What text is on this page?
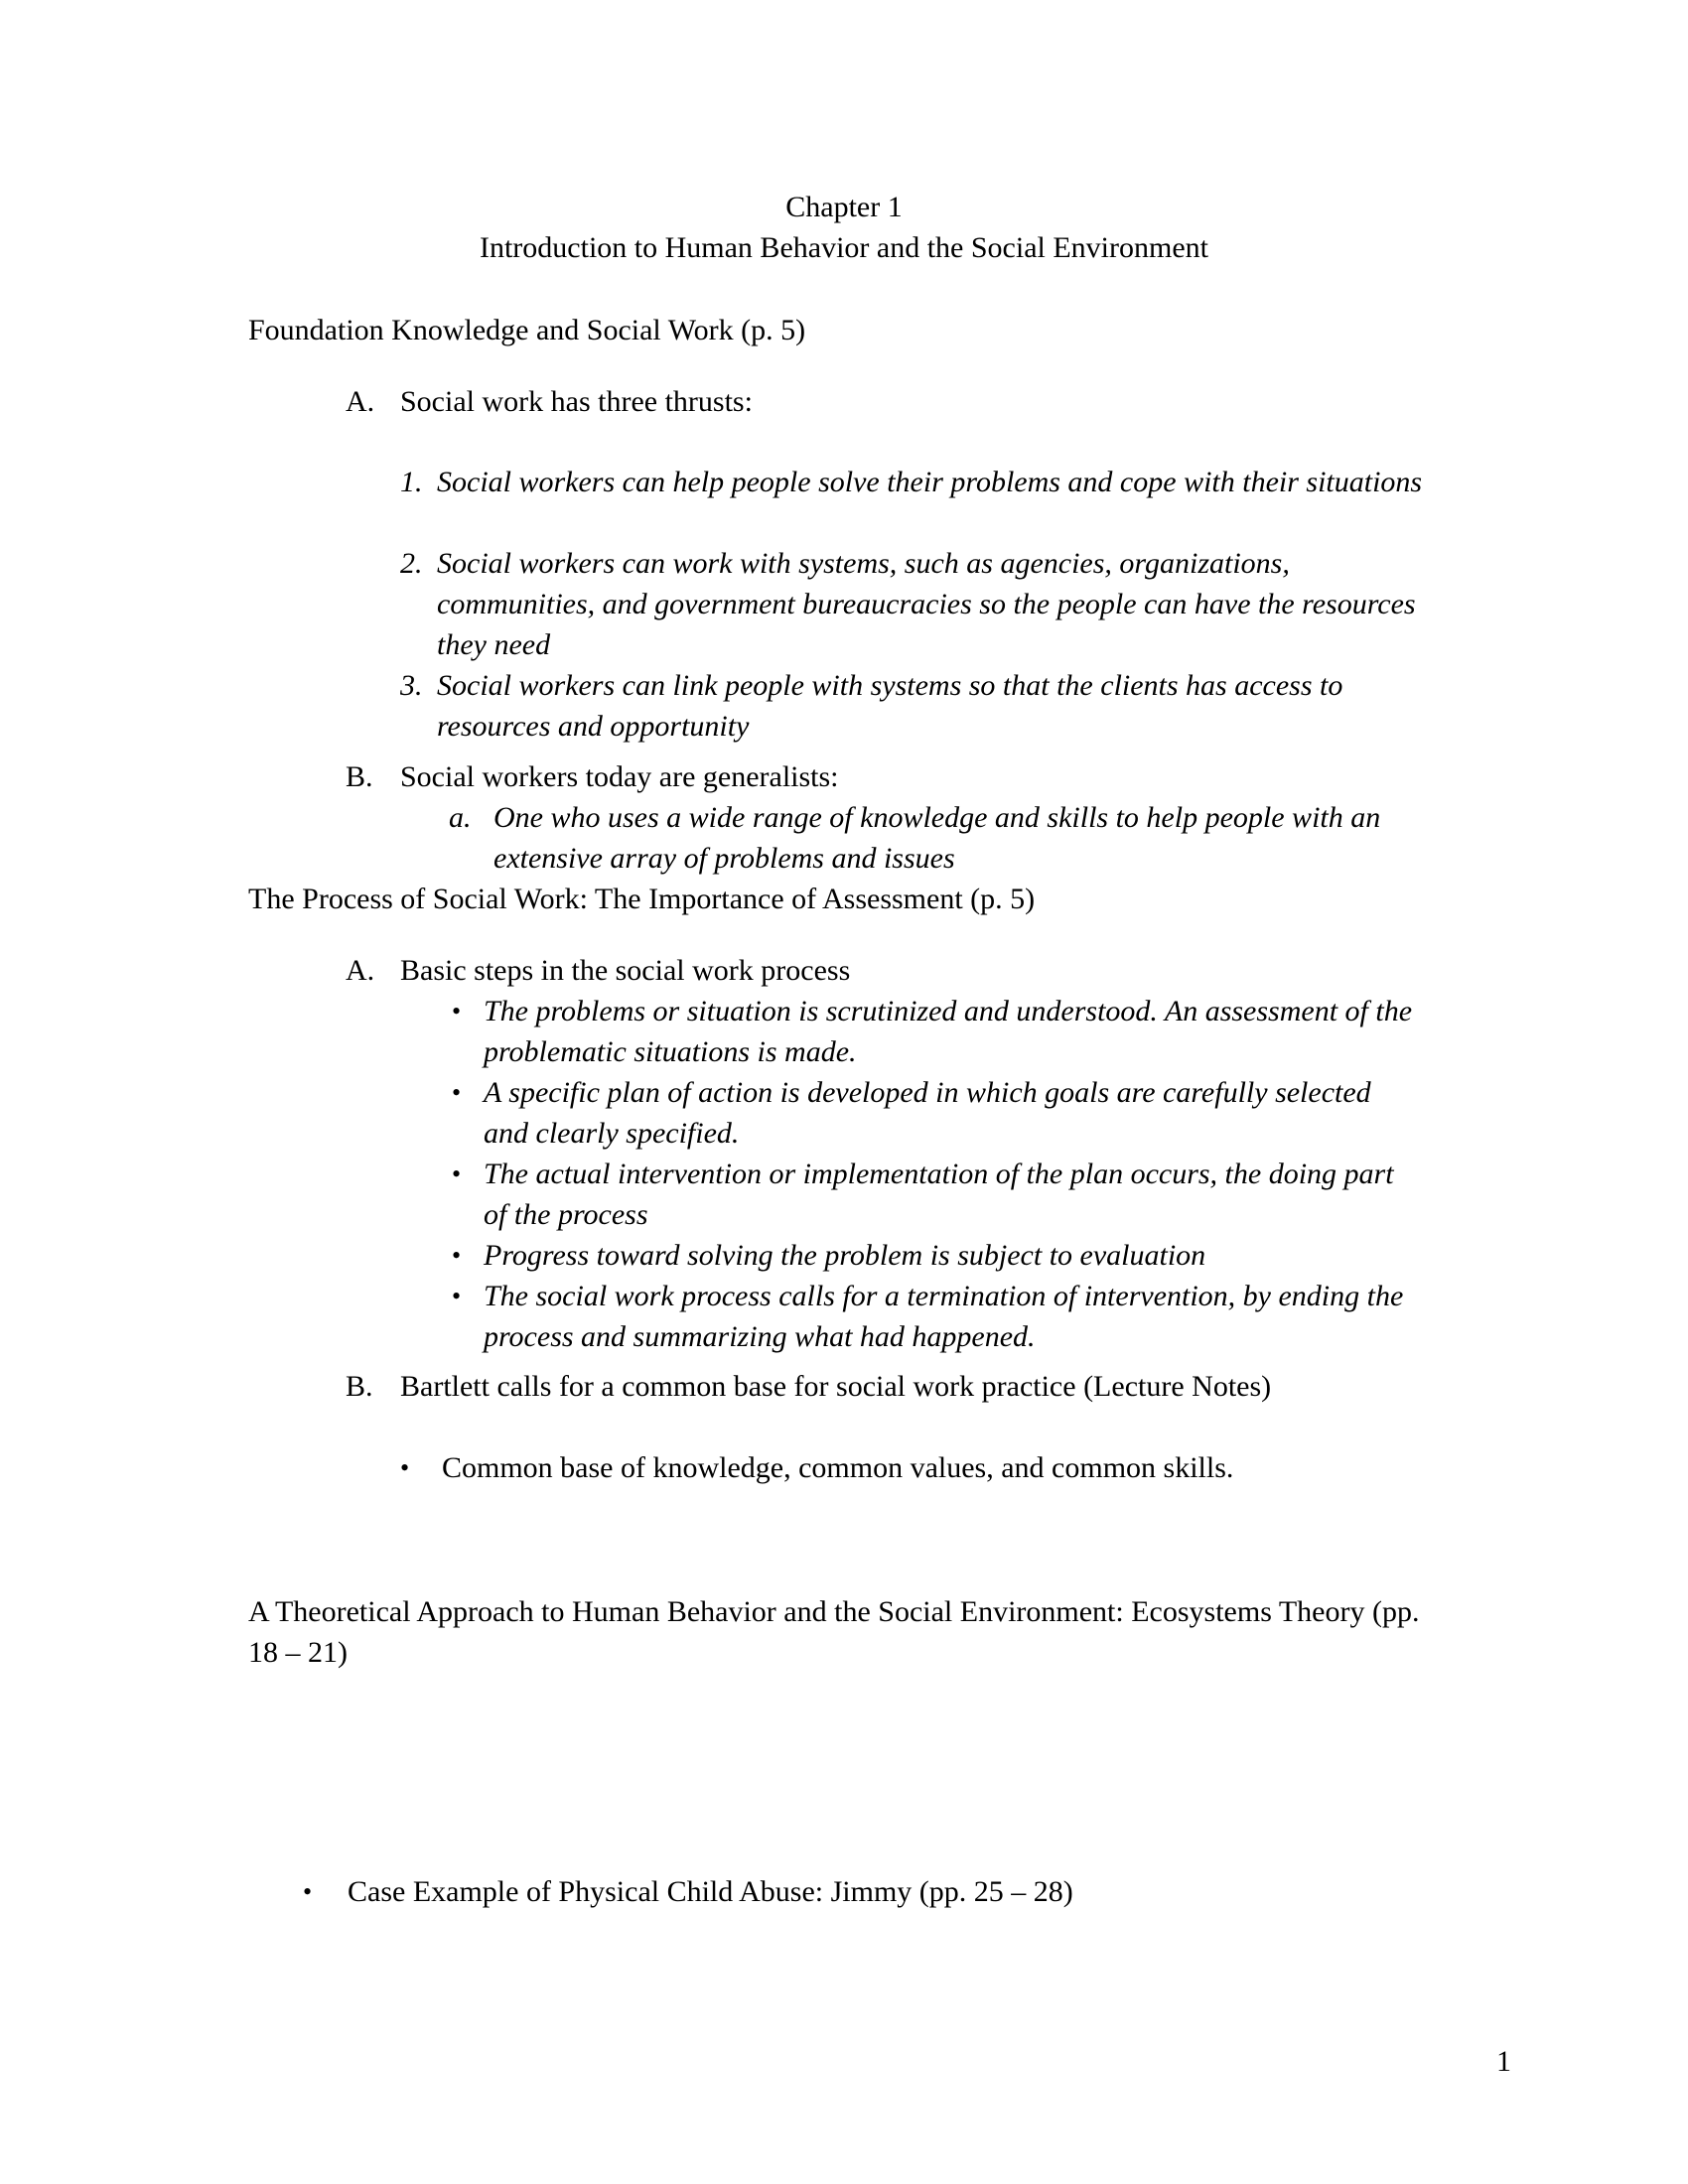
Chapter 1
Introduction to Human Behavior and the Social Environment
Foundation Knowledge and Social Work (p. 5)
A. Social work has three thrusts:
1. Social workers can help people solve their problems and cope with their situations
2. Social workers can work with systems, such as agencies, organizations, communities, and government bureaucracies so the people can have the resources they need
3. Social workers can link people with systems so that the clients has access to resources and opportunity
B. Social workers today are generalists:
a. One who uses a wide range of knowledge and skills to help people with an extensive array of problems and issues
The Process of Social Work: The Importance of Assessment (p. 5)
A. Basic steps in the social work process
• The problems or situation is scrutinized and understood. An assessment of the problematic situations is made.
• A specific plan of action is developed in which goals are carefully selected and clearly specified.
• The actual intervention or implementation of the plan occurs, the doing part of the process
• Progress toward solving the problem is subject to evaluation
• The social work process calls for a termination of intervention, by ending the process and summarizing what had happened.
B. Bartlett calls for a common base for social work practice (Lecture Notes)
•	Common base of knowledge, common values, and common skills.
A Theoretical Approach to Human Behavior and the Social Environment: Ecosystems Theory (pp. 18 – 21)
•	Case Example of Physical Child Abuse: Jimmy (pp. 25 – 28)
1
